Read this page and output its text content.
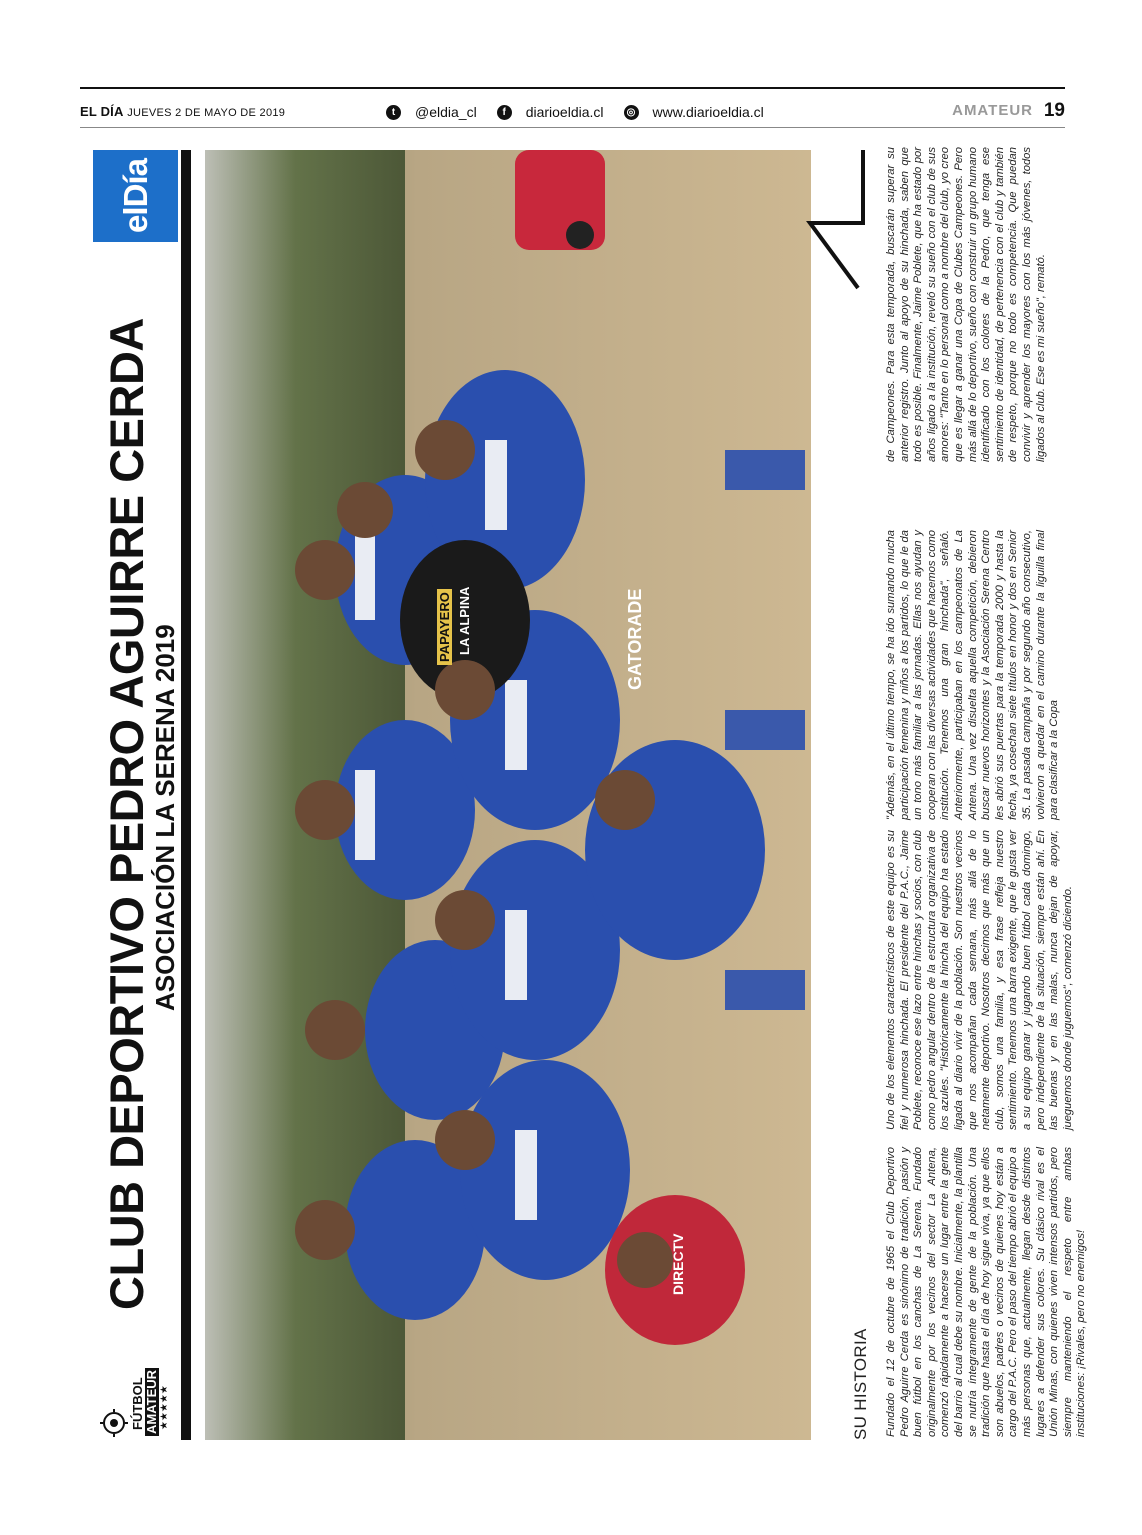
EL DÍA JUEVES 2 DE MAYO DE 2019	t	@eldia_cl	f	diarioeldia.cl	◎ www.diarioeldia.cl	AMATEUR 19
elDía
CLUB DEPORTIVO PEDRO AGUIRRE CERDA
ASOCIACIÓN LA SERENA 2019
FÚTBOL AMATEUR ★★★★★
GATORADE
PAPAYERO LA ALPINA
DIRECTV
SU HISTORIA Fundado el 12 de octubre de 1965 el Club Deportivo Pedro Aguirre Cerda es sinónimo de tradición, pasión y buen fútbol en los canchas de La Serena. Fundado originalmente por los vecinos del sector La Antena, comenzó rápidamente a hacerse un lugar entre la gente del barrio al cual debe su nombre. Inicialmente, la plantilla se nutría íntegramente de gente de la población. Una tradición que hasta el día de hoy sigue viva, ya que ellos son abuelos, padres o vecinos de quienes hoy están a cargo del P.A.C. Pero el paso del tiempo abrió el equipo a más personas que, actualmente, llegan desde distintos lugares a defender sus colores. Su clásico rival es el Unión Minas, con quienes viven intensos partidos, pero siempre manteniendo el respeto entre ambas instituciones: ¡Rivales, pero no enemigos!
Uno de los elementos característicos de este equipo es su fiel y numerosa hinchada. El presidente del P.A.C., Jaime Poblete, reconoce ese lazo entre hinchas y socios, con club como pedro angular dentro de la estructura organizativa de los azules. "Históricamente la hincha del equipo ha estado ligada al diario vivir de la población. Son nuestros vecinos que nos acompañan cada semana, más allá de lo netamente deportivo. Nosotros decimos que más que un club, somos una familia, y esa frase refleja nuestro sentimiento. Tenemos una barra exigente, que le gusta ver a su equipo ganar y jugando buen fútbol cada domingo, pero independiente de la situación, siempre están ahí. En las buenas y en las malas, nunca dejan de apoyar, jueguemos donde juguemos", comenzó diciendo.
"Además, en el último tiempo, se ha ido sumando mucha participación femenina y niños a los partidos, lo que le da un tono más familiar a las jornadas. Ellas nos ayudan y cooperan con las diversas actividades que hacemos como institución. Tenemos una gran hinchada", señaló. Anteriormente, participaban en los campeonatos de La Antena. Una vez disuelta aquella competición, debieron buscar nuevos horizontes y la Asociación Serena Centro les abrió sus puertas para la temporada 2000 y hasta la fecha, ya cosechan siete títulos en honor y dos en Senior 35. La pasada campaña y por segundo año consecutivo, volvieron a quedar en el camino durante la liguilla final para clasificar a la Copa
de Campeones. Para esta temporada, buscarán superar su anterior registro. Junto al apoyo de su hinchada, saben que todo es posible. Finalmente, Jaime Poblete, que ha estado por años ligado a la institución, reveló su sueño con el club de sus amores: "Tanto en lo personal como a nombre del club, yo creo que es llegar a ganar una Copa de Clubes Campeones. Pero más allá de lo deportivo, sueño con construir un grupo humano identificado con los colores de la Pedro, que tenga ese sentimiento de identidad, de pertenencia con el club y también de respeto, porque no todo es competencia. Que puedan convivir y aprender los mayores con los más jóvenes, todos ligados al club. Ese es mi sueño", remató.
